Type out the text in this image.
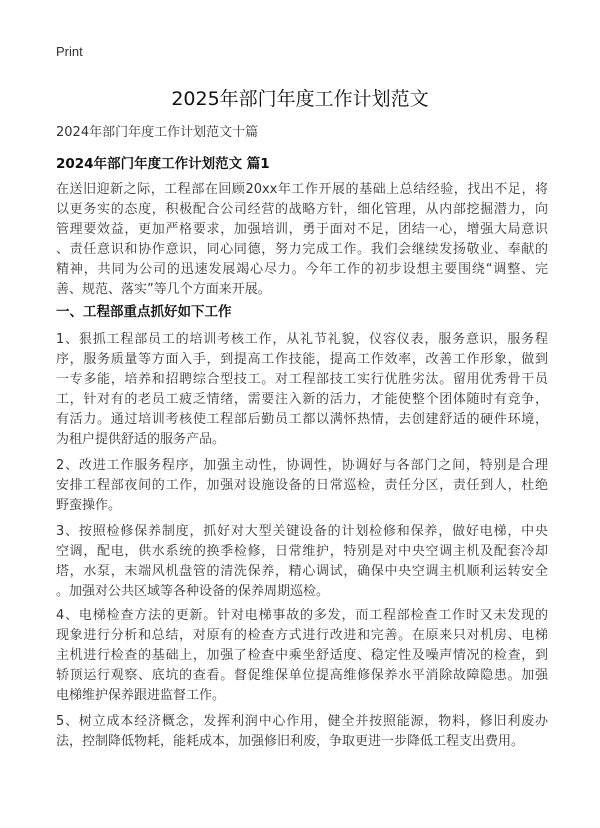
Print
2025年部门年度工作计划范文
2024年部门年度工作计划范文十篇
2024年部门年度工作计划范文 篇1

在送旧迎新之际，工程部在回顾20xx年工作开展的基础上总结经验，找出不足，将
以更务实的态度，积极配合公司经营的战略方针，细化管理，从内部挖掘潜力，向
管理要效益，更加严格要求，加强培训，勇于面对不足，团结一心，增强大局意识
、责任意识和协作意识，同心同德，努力完成工作。我们会继续发扬敬业、奉献的
精神，共同为公司的迅速发展竭心尽力。今年工作的初步设想主要围绕“调整、完
善、规范、落实”等几个方面来开展。

一、工程部重点抓好如下工作

1、狠抓工程部员工的培训考核工作，从礼节礼貌，仪容仪表，服务意识，服务程
序，服务质量等方面入手，到提高工作技能，提高工作效率，改善工作形象，做到
一专多能，培养和招聘综合型技工。对工程部技工实行优胜劣汰。留用优秀骨干员
工，针对有的老员工疲乏情绪，需要注入新的活力，才能使整个团体随时有竞争，
有活力。通过培训考核使工程部后勤员工都以满怀热情，去创建舒适的硬件环境，
为租户提供舒适的服务产品。

2、改进工作服务程序，加强主动性，协调性，协调好与各部门之间，特别是合理
安排工程部夜间的工作，加强对设施设备的日常巡检，责任分区，责任到人，杜绝
野蛮操作。

3、按照检修保养制度，抓好对大型关键设备的计划检修和保养，做好电梯，中央
空调，配电，供水系统的换季检修，日常维护，特别是对中央空调主机及配套冷却
塔，水泵，末端风机盘管的清洗保养，精心调试，确保中央空调主机顺利运转安全
。加强对公共区域等各种设备的保养周期巡检。

4、电梯检查方法的更新。针对电梯事故的多发，而工程部检查工作时又未发现的
现象进行分析和总结，对原有的检查方式进行改进和完善。在原来只对机房、电梯
主机进行检查的基础上，加强了检查中乘坐舒适度、稳定性及噪声情况的检查，到
轿顶运行观察、底坑的查看。督促维保单位提高维修保养水平消除故障隐患。加强
电梯维护保养跟进监督工作。

5、树立成本经济概念，发挥利润中心作用，健全并按照能源，物料，修旧利废办
法，控制降低物耗，能耗成本，加强修旧利废，争取更进一步降低工程支出费用。
